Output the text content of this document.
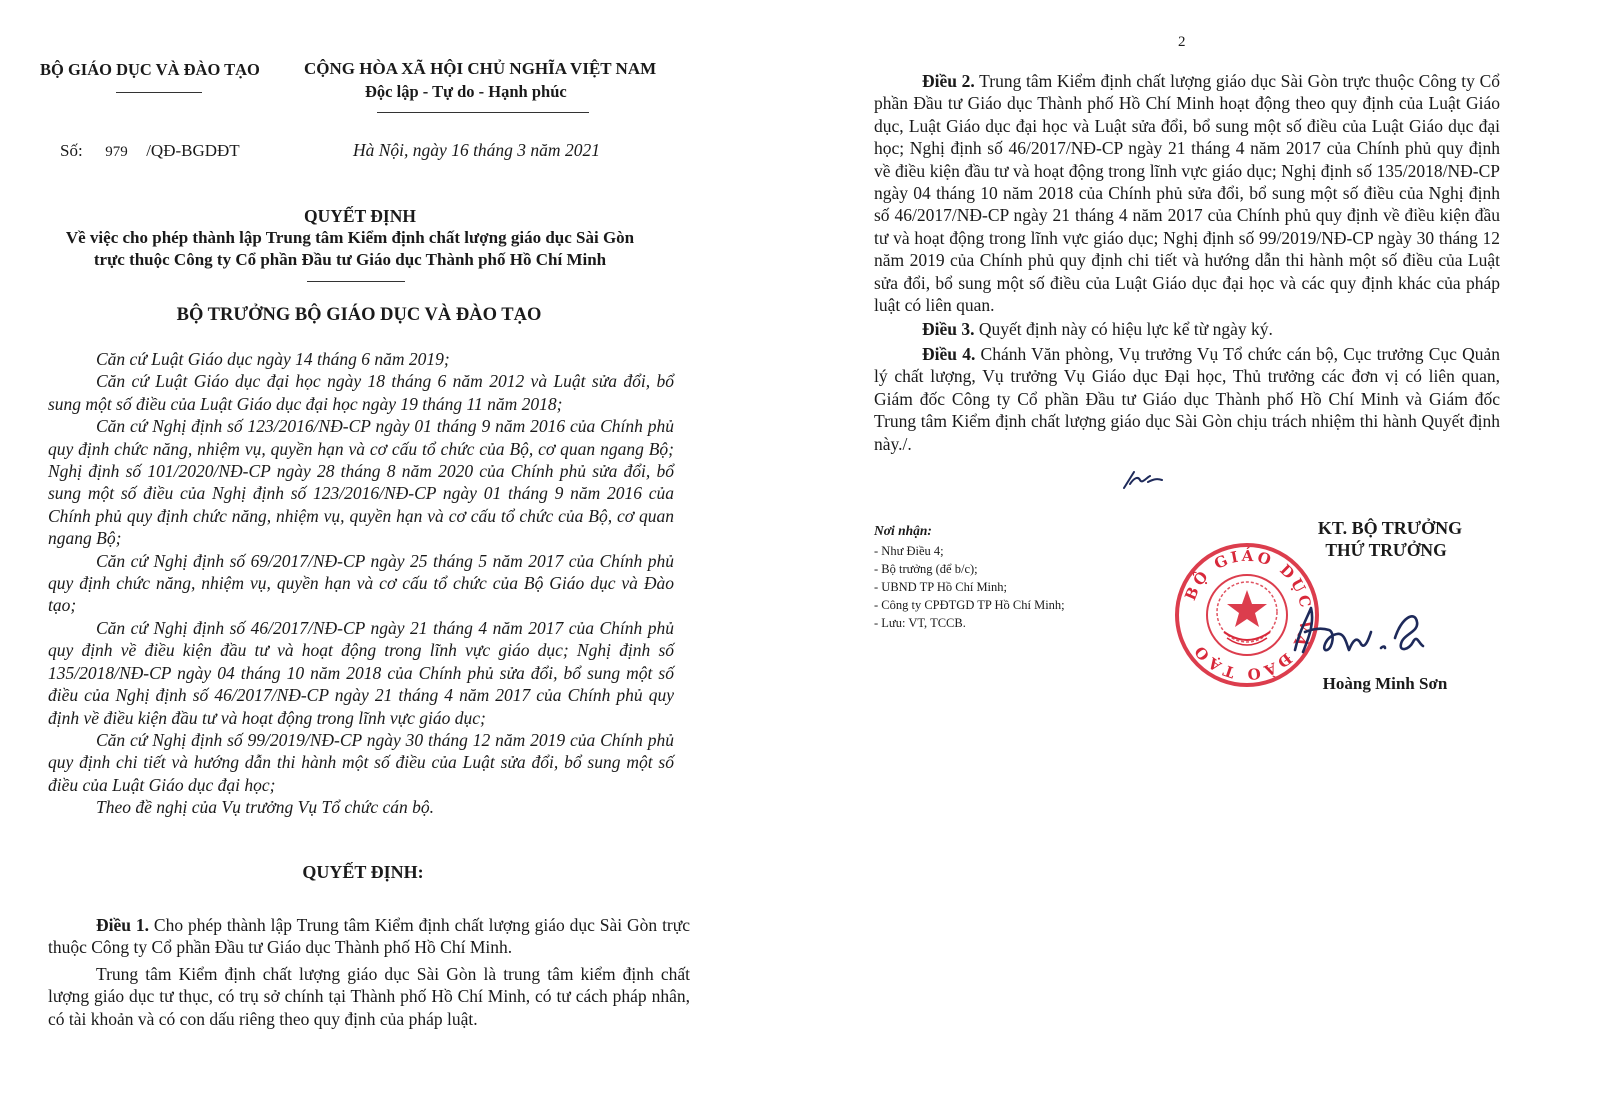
BỘ GIÁO DỤC VÀ ĐÀO TẠO	CỘNG HÒA XÃ HỘI CHỦ NGHĨA VIỆT NAM
Độc lập - Tự do - Hạnh phúc
Số: 979 /QĐ-BGDĐT	Hà Nội, ngày 16 tháng 3 năm 2021
QUYẾT ĐỊNH
Về việc cho phép thành lập Trung tâm Kiểm định chất lượng giáo dục Sài Gòn
trực thuộc Công ty Cổ phần Đầu tư Giáo dục Thành phố Hồ Chí Minh
BỘ TRƯỞNG BỘ GIÁO DỤC VÀ ĐÀO TẠO

Căn cứ Luật Giáo dục ngày 14 tháng 6 năm 2019;

Căn cứ Luật Giáo dục đại học ngày 18 tháng 6 năm 2012 và Luật sửa đổi, bổ sung một số điều của Luật Giáo dục đại học ngày 19 tháng 11 năm 2018;

Căn cứ Nghị định số 123/2016/NĐ-CP ngày 01 tháng 9 năm 2016 của Chính phủ quy định chức năng, nhiệm vụ, quyền hạn và cơ cấu tổ chức của Bộ, cơ quan ngang Bộ; Nghị định số 101/2020/NĐ-CP ngày 28 tháng 8 năm 2020 của Chính phủ sửa đổi, bổ sung một số điều của Nghị định số 123/2016/NĐ-CP ngày 01 tháng 9 năm 2016 của Chính phủ quy định chức năng, nhiệm vụ, quyền hạn và cơ cấu tổ chức của Bộ, cơ quan ngang Bộ;

Căn cứ Nghị định số 69/2017/NĐ-CP ngày 25 tháng 5 năm 2017 của Chính phủ quy định chức năng, nhiệm vụ, quyền hạn và cơ cấu tổ chức của Bộ Giáo dục và Đào tạo;

Căn cứ Nghị định số 46/2017/NĐ-CP ngày 21 tháng 4 năm 2017 của Chính phủ quy định về điều kiện đầu tư và hoạt động trong lĩnh vực giáo dục; Nghị định số 135/2018/NĐ-CP ngày 04 tháng 10 năm 2018 của Chính phủ sửa đổi, bổ sung một số điều của Nghị định số 46/2017/NĐ-CP ngày 21 tháng 4 năm 2017 của Chính phủ quy định về điều kiện đầu tư và hoạt động trong lĩnh vực giáo dục;

Căn cứ Nghị định số 99/2019/NĐ-CP ngày 30 tháng 12 năm 2019 của Chính phủ quy định chi tiết và hướng dẫn thi hành một số điều của Luật sửa đổi, bổ sung một số điều của Luật Giáo dục đại học;

Theo đề nghị của Vụ trưởng Vụ Tổ chức cán bộ.

QUYẾT ĐỊNH:

Điều 1. Cho phép thành lập Trung tâm Kiểm định chất lượng giáo dục Sài Gòn trực thuộc Công ty Cổ phần Đầu tư Giáo dục Thành phố Hồ Chí Minh.

Trung tâm Kiểm định chất lượng giáo dục Sài Gòn là trung tâm kiểm định chất lượng giáo dục tư thục, có trụ sở chính tại Thành phố Hồ Chí Minh, có tư cách pháp nhân, có tài khoản và có con dấu riêng theo quy định của pháp luật.

2

Điều 2. Trung tâm Kiểm định chất lượng giáo dục Sài Gòn trực thuộc Công ty Cổ phần Đầu tư Giáo dục Thành phố Hồ Chí Minh hoạt động theo quy định của Luật Giáo dục, Luật Giáo dục đại học và Luật sửa đổi, bổ sung một số điều của Luật Giáo dục đại học; Nghị định số 46/2017/NĐ-CP ngày 21 tháng 4 năm 2017 của Chính phủ quy định về điều kiện đầu tư và hoạt động trong lĩnh vực giáo dục; Nghị định số 135/2018/NĐ-CP ngày 04 tháng 10 năm 2018 của Chính phủ sửa đổi, bổ sung một số điều của Nghị định số 46/2017/NĐ-CP ngày 21 tháng 4 năm 2017 của Chính phủ quy định về điều kiện đầu tư và hoạt động trong lĩnh vực giáo dục; Nghị định số 99/2019/NĐ-CP ngày 30 tháng 12 năm 2019 của Chính phủ quy định chi tiết và hướng dẫn thi hành một số điều của Luật sửa đổi, bổ sung một số điều của Luật Giáo dục đại học và các quy định khác của pháp luật có liên quan.

Điều 3. Quyết định này có hiệu lực kể từ ngày ký.

Điều 4. Chánh Văn phòng, Vụ trưởng Vụ Tổ chức cán bộ, Cục trưởng Cục Quản lý chất lượng, Vụ trưởng Vụ Giáo dục Đại học, Thủ trưởng các đơn vị có liên quan, Giám đốc Công ty Cổ phần Đầu tư Giáo dục Thành phố Hồ Chí Minh và Giám đốc Trung tâm Kiểm định chất lượng giáo dục Sài Gòn chịu trách nhiệm thi hành Quyết định này./.

Nơi nhận:
- Như Điều 4;
- Bộ trưởng (để b/c);
- UBND TP Hồ Chí Minh;
- Công ty CPĐTGD TP Hồ Chí Minh;
- Lưu: VT, TCCB.
KT. BỘ TRƯỞNG
THỨ TRƯỞNG
BỘ GIÁO DỤC VÀ ĐÀO TẠO
Hoàng Minh Sơn
